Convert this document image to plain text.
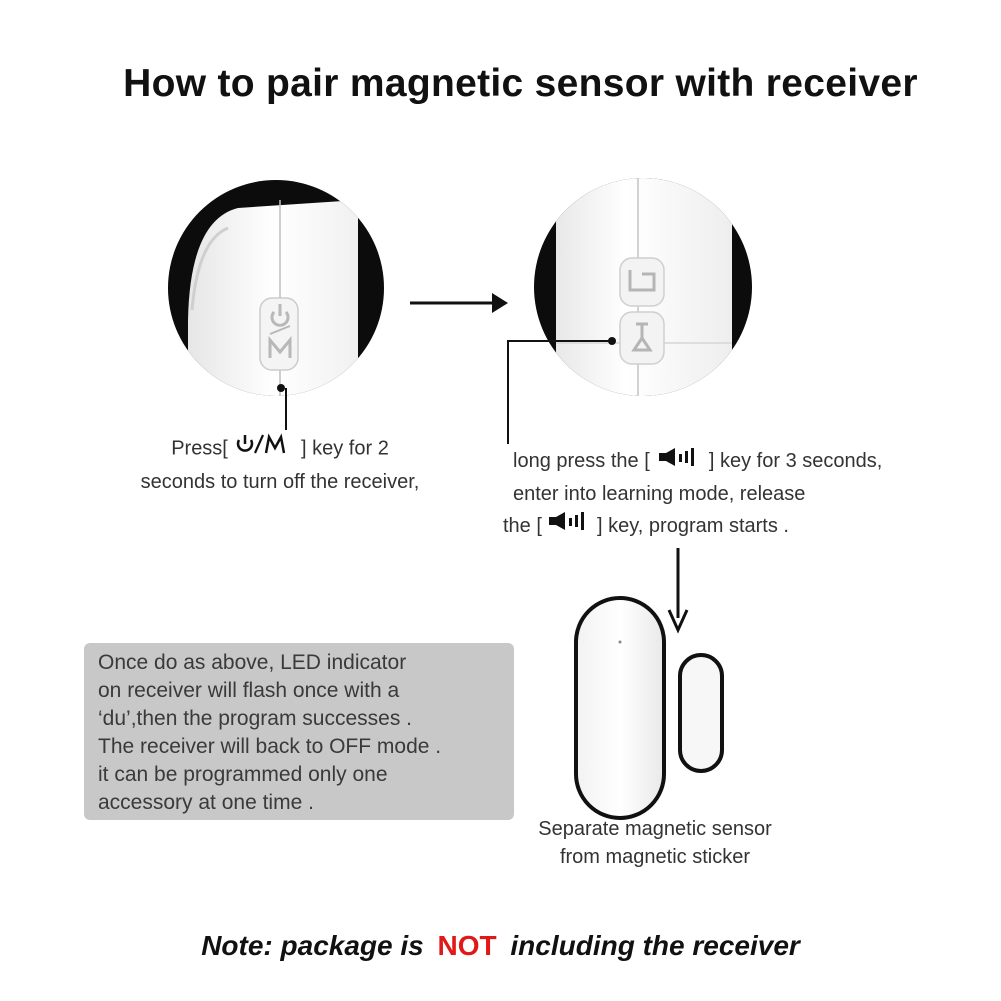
How to pair magnetic sensor with receiver
Press[	] key for 2
seconds to turn off the receiver,
long press the [	] key for 3 seconds,
enter into learning mode, release
the [	] key, program starts .
Once do as above, LED indicator
on receiver will flash once with a
‘du’,then the program successes .
The receiver will back to OFF mode .
it can be programmed only one
accessory at one time .
Separate magnetic sensor
from magnetic sticker
Note: package is NOT including the receiver
